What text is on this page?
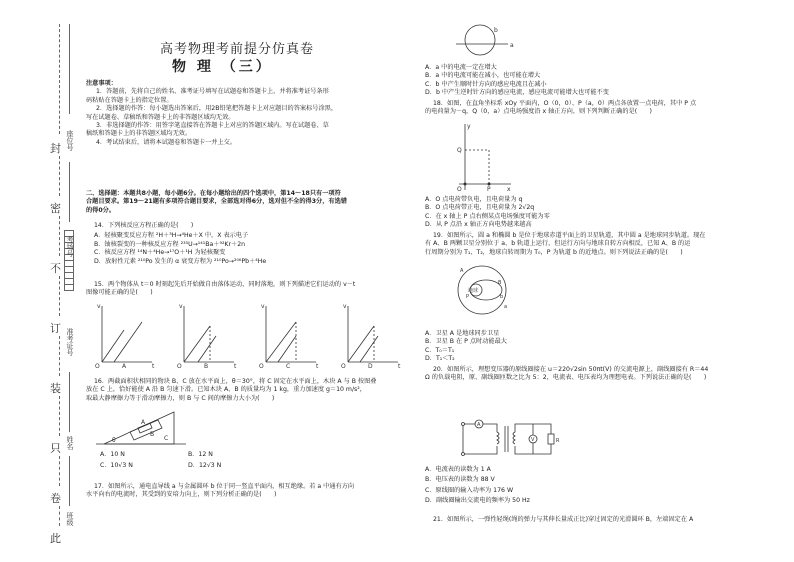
封
密
不
订
装
只
卷
此
座位号
考场号
准考证号
姓名
班级
高考物理考前提分仿真卷
物 理 （三）
注意事项：
1．答题前，先将自己的姓名、准考证号填写在试题卷和答题卡上，并将准考证号条形
码粘贴在答题卡上的指定位置。
2．选择题的作答：每小题选出答案后，用2B铅笔把答题卡上对应题目的答案标号涂黑，
写在试题卷、草稿纸和答题卡上的非答题区域均无效。
3．非选择题的作答：用签字笔直接答在答题卡上对应的答题区域内。写在试题卷、草
稿纸和答题卡上的非答题区域均无效。
4．考试结束后，请将本试题卷和答题卡一并上交。
二、选择题：本题共8小题，每小题6分。在每小题给出的四个选项中，第14～18只有一项符
合题目要求。第19～21题有多项符合题目要求，全部选对得6分，选对但不全的得3分，有选错
的得0分。
14．下列核反应方程正确的是(　　)
A．轻核聚变反应方程 ²H＋³H→⁴He＋X 中，X 表示电子
B．铀核裂变的一种核反应方程 ²³⁵U→¹⁴¹Ba＋⁹²Kr＋2n
C．核反应方程 ¹⁴N＋⁴He→¹⁷O＋¹H 为轻核聚变
D．放射性元素 ²¹⁰Po 发生的 α 衰变方程为 ²¹⁰Po→²⁰⁶Pb＋⁴He
15．两个物体从 t＝0 时刻起先后开始做自由落体运动，同时落地，则下列描述它们运动的 v－t
图像可能正确的是(　　)
v
t
O
v
t
O
v
t
O
v
t
O
A	B	C	D
16．两截面积状相同的物块 B、C 放在水平面上，θ＝30°，将 C 固定在水平面上，木块 A 与 B 按图叠
放在 C 上，恰好能使 A 沿 B 匀速下滑。已知木块 A、B 的质量均为 1 kg，重力加速度 g＝10 m/s²，
取最大静摩擦力等于滑动摩擦力，则 B 与 C 间的摩擦力大小为(　　)
A
B
C
θ
A．10 N	B．12 N
C．10√3 N	D．12√3 N
17．如图所示，通电直导线 a 与金属圆环 b 位于同一竖直平面内，相互绝缘。若 a 中通有方向
水平向右的电流时，其受到的安培力向上，则下列分析正确的是(　　)
a
b
A．a 中的电流一定在增大
B．a 中的电流可能在减小，也可能在增大
C．b 中产生顺时针方向的感应电流且在减小
D．b 中产生逆时针方向的感应电流，感应电流可能增大也可能不变
18．如图，在直角坐标系 xOy 平面内，O（0，0）、P（a，0）两点各放置一点电荷，其中 P 点
的电荷量为－q，Q（0，a）点电场强度沿 x 轴正方向，则下列判断正确的是(　　)
y
Q
O	P	x
A．O 点电荷带负电，且电荷量为 q
B．O 点电荷带正电，且电荷量为 2√2q
C．在 x 轴上 P 点右侧某点电场强度可能为零
D．从 P 点沿 x 轴正方向电势越来越高
19．如图所示，圆 a 和椭圆 b 是位于地球赤道平面上的卫星轨道，其中圆 a 是地球同步轨道。现在
有 A、B 两颗卫星分别位于 a、b 轨道上运行，但运行方向与地球自转方向相反，已知 A、B 的运
行周期分别为 T₁、T₂，地球自转周期为 T₀，P 为轨道 b 的近地点。则下列说法正确的是(　　)
地球
A
B
P
a
b
A．卫星 A 是地球同步卫星
B．卫星 B 在 P 点时动能最大
C．T₀＝T₁
D．T₁＜T₂
20．如图所示，理想变压器的原线圈接在 u＝220√2sin 50πt(V) 的交流电源上，副线圈接有 R＝44
Ω 的负载电阻，原、副线圈匝数之比为 5：2，电流表、电压表均为理想电表。下列说法正确的是(　　)
A
V	R
A．电流表的读数为 1 A
B．电压表的读数为 88 V
C．原线圈的输入功率为 176 W
D．副线圈输出交流电的频率为 50 Hz
21．如图所示，一弹性轻绳(绳的弹力与其伸长量成正比)穿过固定的光滑圆环 B，左端固定在 A
